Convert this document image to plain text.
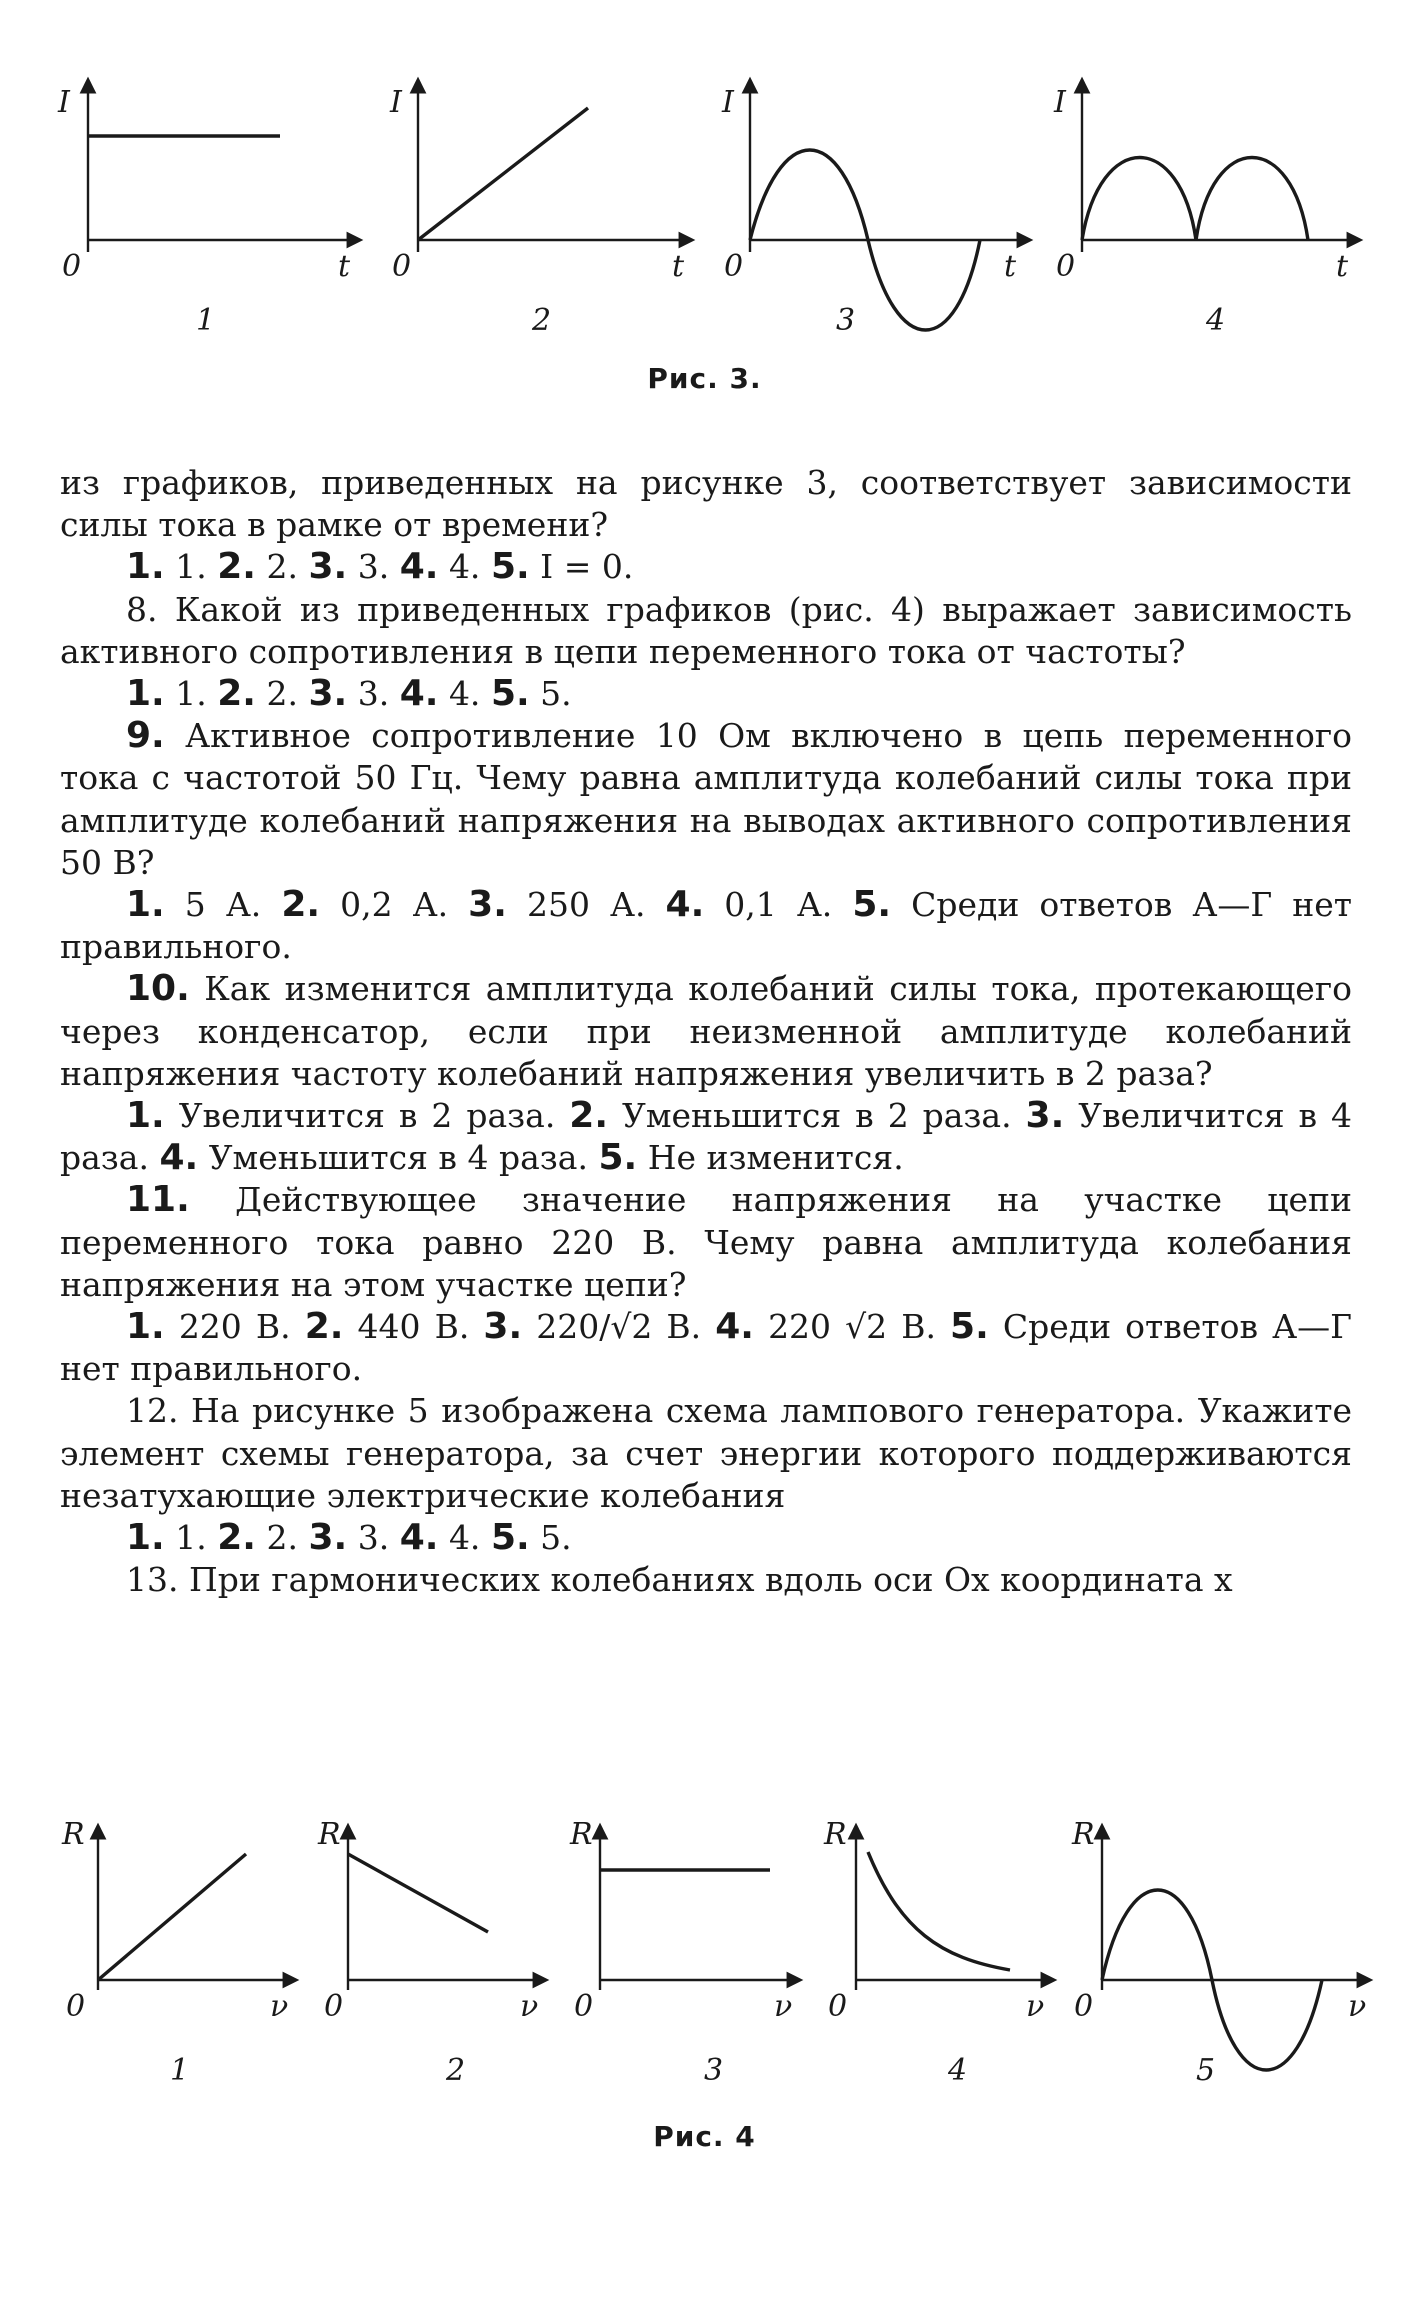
I
t
0
1
I
t
0
2
I
t
0
3
I
t
0
4
Рис. 3.

из графиков, приведенных на рисунке 3, соответствует зависимости силы тока в рамке от времени?

1. 1. 2. 2. 3. 3. 4. 4. 5. I = 0.

8. Какой из приведенных графиков (рис. 4) выражает зависимость активного сопротивления в цепи переменного тока от частоты?

1. 1. 2. 2. 3. 3. 4. 4. 5. 5.

9. Активное сопротивление 10 Ом включено в цепь переменного тока с частотой 50 Гц. Чему равна амплитуда колебаний силы тока при амплитуде колебаний напряжения на выводах активного сопротивления 50 В?

1. 5 А. 2. 0,2 А. 3. 250 А. 4. 0,1 А. 5. Среди ответов А—Г нет правильного.

10. Как изменится амплитуда колебаний силы тока, протекающего через конденсатор, если при неизменной амплитуде колебаний напряжения частоту колебаний напряжения увеличить в 2 раза?

1. Увеличится в 2 раза. 2. Уменьшится в 2 раза. 3. Увеличится в 4 раза. 4. Уменьшится в 4 раза. 5. Не изменится.

11. Действующее значение напряжения на участке цепи переменного тока равно 220 В. Чему равна амплитуда колебания напряжения на этом участке цепи?

1. 220 В. 2. 440 В. 3. 220/√2 В. 4. 220 √2 В. 5. Среди ответов А—Г нет правильного.

12. На рисунке 5 изображена схема лампового генератора. Укажите элемент схемы генератора, за счет энергии которого поддерживаются незатухающие электрические колебания

1. 1. 2. 2. 3. 3. 4. 4. 5. 5.

13. При гармонических колебаниях вдоль оси Ox координата x

R
ν
0
1
R
ν
0
2
R
ν
0
3
R
ν
0
4
R
ν
0
5
Рис. 4
